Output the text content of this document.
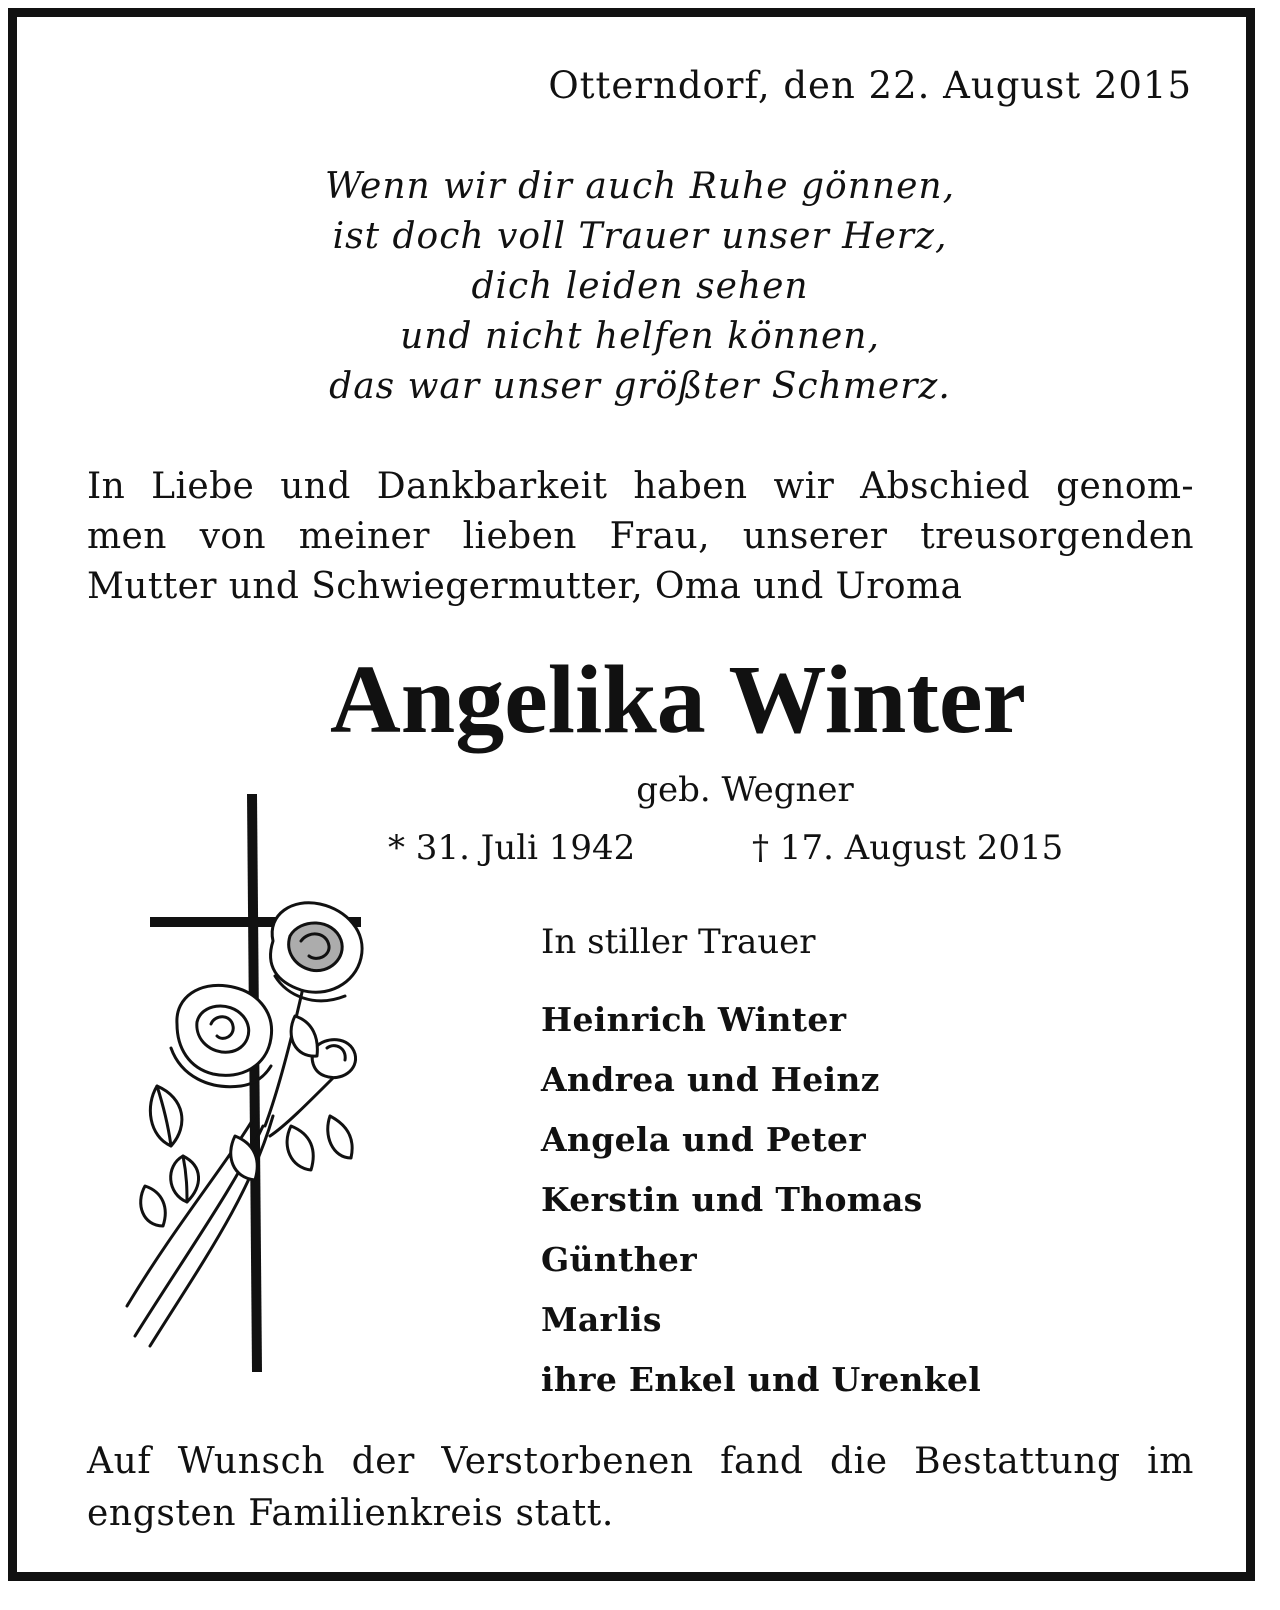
Otterndorf, den 22. August 2015
Wenn wir dir auch Ruhe gönnen,
ist doch voll Trauer unser Herz,
dich leiden sehen
und nicht helfen können,
das war unser größter Schmerz.
In Liebe und Dankbarkeit haben wir Abschied genom-
men von meiner lieben Frau, unserer treusorgenden
Mutter und Schwiegermutter, Oma und Uroma
Angelika Winter
geb. Wegner
* 31. Juli 1942	† 17. August 2015
In stiller Trauer
Heinrich Winter
Andrea und Heinz
Angela und Peter
Kerstin und Thomas
Günther
Marlis
ihre Enkel und Urenkel
Auf Wunsch der Verstorbenen fand die Bestattung im
engsten Familienkreis statt.
